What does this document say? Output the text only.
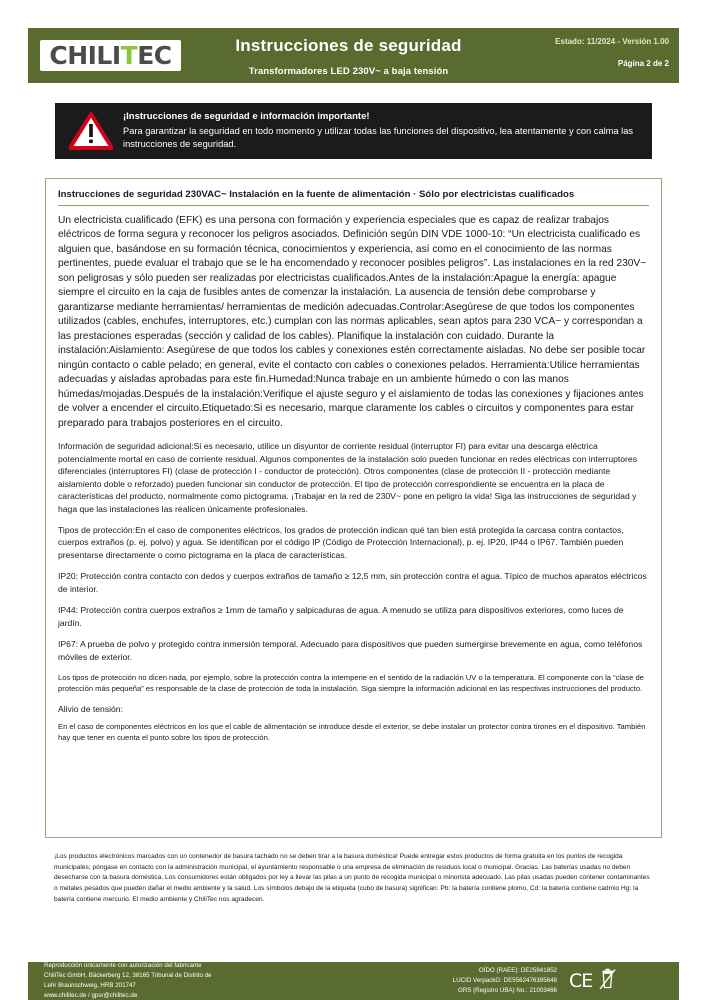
CHILITEC	Instrucciones de seguridad
Transformadores LED 230V~ a baja tensión
Estado: 11/2024 - Versión 1.00
Página 2 de 2
¡Instrucciones de seguridad e información importante!
Para garantizar la seguridad en todo momento y utilizar todas las funciones del dispositivo, lea atentamente y con calma las instrucciones de seguridad.
Instrucciones de seguridad 230VAC~ Instalación en la fuente de alimentación · Sólo por electricistas cualificados

Un electricista cualificado (EFK) es una persona con formación y experiencia especiales que es capaz de realizar trabajos eléctricos de forma segura y reconocer los peligros asociados. Definición según DIN VDE 1000-10: “Un electricista cualificado es alguien que, basándose en su formación técnica, conocimientos y experiencia, así como en el conocimiento de las normas pertinentes, puede evaluar el trabajo que se le ha encomendado y reconocer posibles peligros”. Las instalaciones en la red 230V~ son peligrosas y sólo pueden ser realizadas por electricistas cualificados.Antes de la instalación:Apague la energía: apague siempre el circuito en la caja de fusibles antes de comenzar la instalación. La ausencia de tensión debe comprobarse y garantizarse mediante herramientas/ herramientas de medición adecuadas.Controlar:Asegúrese de que todos los componentes utilizados (cables, enchufes, interruptores, etc.) cumplan con las normas aplicables, sean aptos para 230 VCA~ y correspondan a las prestaciones esperadas (sección y calidad de los cables). Planifique la instalación con cuidado. Durante la instalación:Aislamiento: Asegúrese de que todos los cables y conexiones estén correctamente aisladas. No debe ser posible tocar ningún contacto o cable pelado; en general, evite el contacto con cables o conexiones pelados. Herramienta:Utilice herramientas adecuadas y aisladas aprobadas para este fin.Humedad:Nunca trabaje en un ambiente húmedo o con las manos húmedas/mojadas.Después de la instalación:Verifique el ajuste seguro y el aislamiento de todas las conexiones y fijaciones antes de volver a encender el circuito.Etiquetado:Si es necesario, marque claramente los cables o circuitos y componentes para estar preparado para trabajos posteriores en el circuito.

Información de seguridad adicional:Si es necesario, utilice un disyuntor de corriente residual (interruptor FI) para evitar una descarga eléctrica potencialmente mortal en caso de corriente residual. Algunos componentes de la instalación solo pueden funcionar en redes eléctricas con interruptores diferenciales (interruptores FI) (clase de protección I - conductor de protección). Otros componentes (clase de protección II - protección mediante aislamiento doble o reforzado) pueden funcionar sin conductor de protección. El tipo de protección correspondiente se encuentra en la placa de características del producto, normalmente como pictograma. ¡Trabajar en la red de 230V~ pone en peligro la vida! Siga las instrucciones de seguridad y haga que las instalaciones las realicen únicamente profesionales.

Tipos de protección:En el caso de componentes eléctricos, los grados de protección indican qué tan bien está protegida la carcasa contra contactos, cuerpos extraños (p. ej. polvo) y agua. Se identifican por el código IP (Código de Protección Internacional), p. ej. IP20, IP44 o IP67. También pueden presentarse directamente o como pictograma en la placa de características.

IP20: Protección contra contacto con dedos y cuerpos extraños de tamaño ≥ 12,5 mm, sin protección contra el agua. Típico de muchos aparatos eléctricos de interior.

IP44: Protección contra cuerpos extraños ≥ 1mm de tamaño y salpicaduras de agua. A menudo se utiliza para dispositivos exteriores, como luces de jardín.

IP67: A prueba de polvo y protegido contra inmersión temporal. Adecuado para dispositivos que pueden sumergirse brevemente en agua, como teléfonos móviles de exterior.

Los tipos de protección no dicen nada, por ejemplo, sobre la protección contra la intemperie en el sentido de la radiación UV o la temperatura. El componente con la “clase de protección más pequeña” es responsable de la clase de protección de toda la instalación. Siga siempre la información adicional en las respectivas instrucciones del producto.

Alivio de tensión:

En el caso de componentes eléctricos en los que el cable de alimentación se introduce desde el exterior, se debe instalar un protector contra tirones en el dispositivo. También hay que tener en cuenta el punto sobre los tipos de protección.

¡Los productos electrónicos marcados con un contenedor de basura tachado no se deben tirar a la basura doméstica! Puede entregar estos productos de forma gratuita en los puntos de recogida municipales; póngase en contacto con la administración municipal, el ayuntamiento responsable o una empresa de eliminación de residuos local o municipal. Gracias. Las baterías usadas no deben desecharse con la basura doméstica. Los consumidores están obligados por ley a llevar las pilas a un punto de recogida municipal o minorista adecuado. Las pilas usadas pueden contener contaminantes o metales pesados que pueden dañar el medio ambiente y la salud. Los símbolos debajo de la etiqueta (cubo de basura) significan: Pb: la batería contiene plomo, Cd: la batería contiene cadmio Hg: la batería contiene mercurio. El medio ambiente y ChiliTec nos agradecen.
Reproducción únicamente con autorización del fabricante
ChiliTec GmbH, Bäckerberg 12, 38165 Tribunal de Distrito de
Lehr Braunschweig, HRB 201747
www.chilitec.de / gpsr@chilitec.de
OÍDO (RAEE): DE25841852
LUCID VerpackG: DE5562476395648
GRS (Registro UBA) No.: 21003466 CE
